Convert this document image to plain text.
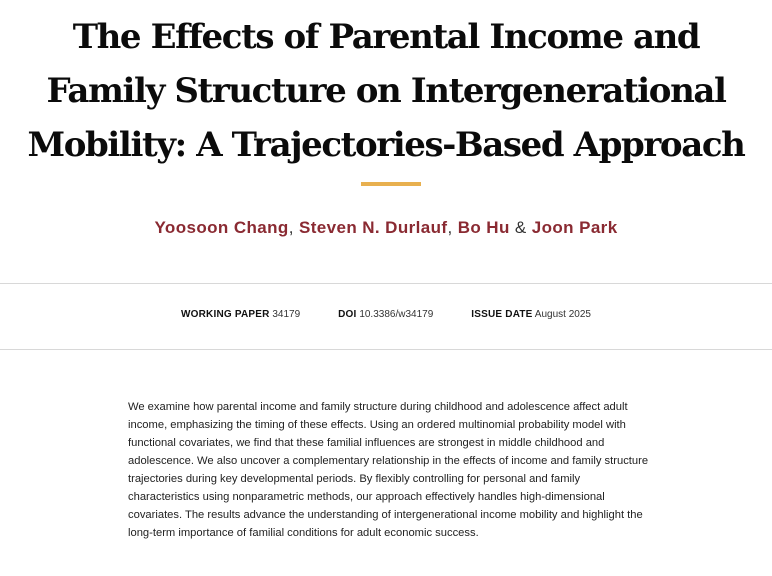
The Effects of Parental Income and Family Structure on Intergenerational Mobility: A Trajectories-Based Approach
Yoosoon Chang, Steven N. Durlauf, Bo Hu & Joon Park
WORKING PAPER 34179	DOI 10.3386/w34179	ISSUE DATE August 2025

We examine how parental income and family structure during childhood and adolescence affect adult income, emphasizing the timing of these effects. Using an ordered multinomial probability model with functional covariates, we find that these familial influences are strongest in middle childhood and adolescence. We also uncover a complementary relationship in the effects of income and family structure trajectories during key developmental periods. By flexibly controlling for personal and family characteristics using nonparametric methods, our approach effectively handles high-dimensional covariates. The results advance the understanding of intergenerational income mobility and highlight the long-term importance of familial conditions for adult economic success.
